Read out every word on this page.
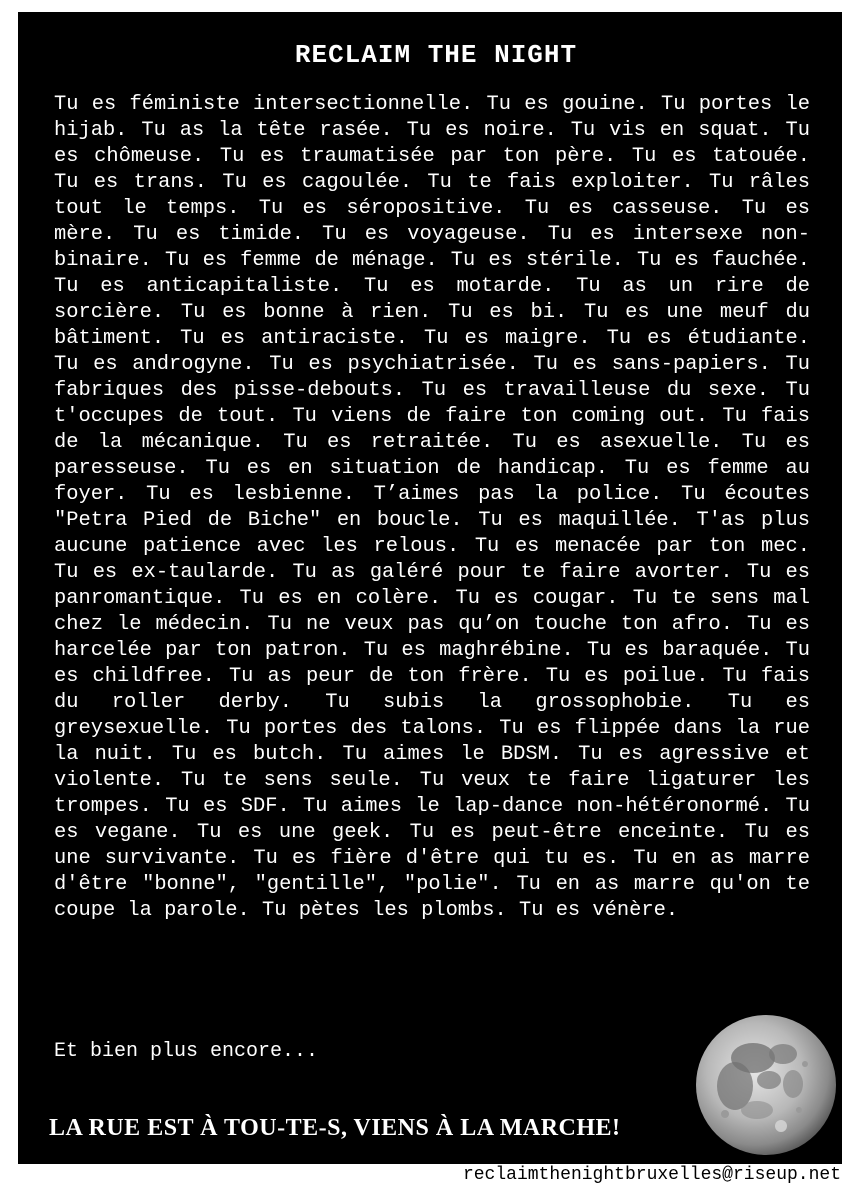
RECLAIM THE NIGHT

Tu es féministe intersectionnelle. Tu es gouine. Tu portes le hijab. Tu as la tête rasée. Tu es noire. Tu vis en squat. Tu es chômeuse. Tu es traumatisée par ton père. Tu es tatouée. Tu es trans. Tu es cagoulée. Tu te fais exploiter. Tu râles tout le temps. Tu es séropositive. Tu es casseuse. Tu es mère. Tu es timide. Tu es voyageuse. Tu es intersexe non-binaire. Tu es femme de ménage. Tu es stérile. Tu es fauchée. Tu es anticapitaliste. Tu es motarde. Tu as un rire de sorcière. Tu es bonne à rien. Tu es bi. Tu es une meuf du bâtiment. Tu es antiraciste. Tu es maigre. Tu es étudiante. Tu es androgyne. Tu es psychiatrisée. Tu es sans-papiers. Tu fabriques des pisse-debouts. Tu es travailleuse du sexe. Tu t'occupes de tout. Tu viens de faire ton coming out. Tu fais de la mécanique. Tu es retraitée. Tu es asexuelle. Tu es paresseuse. Tu es en situation de handicap. Tu es femme au foyer. Tu es lesbienne. T’aimes pas la police. Tu écoutes "Petra Pied de Biche" en boucle. Tu es maquillée. T'as plus aucune patience avec les relous. Tu es menacée par ton mec. Tu es ex-taularde. Tu as galéré pour te faire avorter. Tu es panromantique. Tu es en colère. Tu es cougar. Tu te sens mal chez le médecin. Tu ne veux pas qu’on touche ton afro. Tu es harcelée par ton patron. Tu es maghrébine. Tu es baraquée. Tu es childfree. Tu as peur de ton frère. Tu es poilue. Tu fais du roller derby. Tu subis la grossophobie. Tu es greysexuelle. Tu portes des talons. Tu es flippée dans la rue la nuit. Tu es butch. Tu aimes le BDSM. Tu es agressive et violente. Tu te sens seule. Tu veux te faire ligaturer les trompes. Tu es SDF. Tu aimes le lap-dance non-hétéronormé. Tu es vegane. Tu es une geek. Tu es peut-être enceinte. Tu es une survivante. Tu es fière d'être qui tu es. Tu en as marre d'être "bonne", "gentille", "polie". Tu en as marre qu'on te coupe la parole. Tu pètes les plombs. Tu es vénère.

Et bien plus encore...
LA RUE EST À TOU-TE-S, VIENS À LA MARCHE!
reclaimthenightbruxelles@riseup.net
